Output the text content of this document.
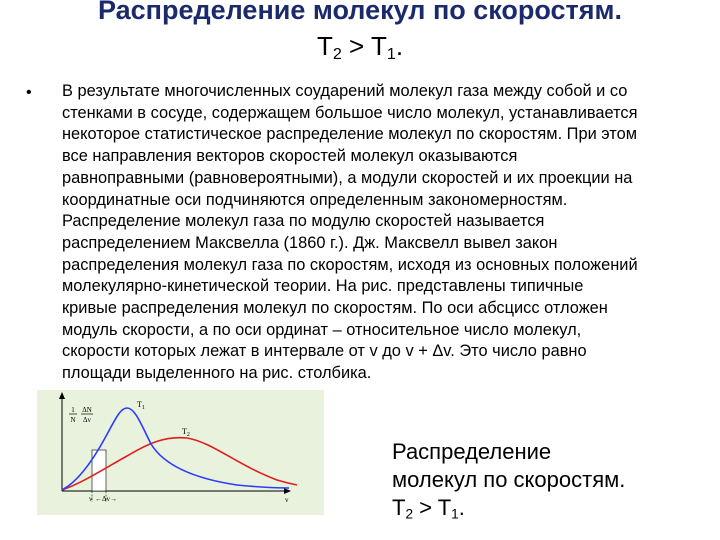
Распределение молекул по скоростям.
$T_2 > T_1$.
• В результате многочисленных соударений молекул газа между собой и со
стенками в сосуде, содержащем большое число молекул, устанавливается
некоторое статистическое распределение молекул по скоростям. При этом
все направления векторов скоростей молекул оказываются
равноправными (равновероятными), а модули скоростей и их проекции на
координатные оси подчиняются определенным закономерностям.
Распределение молекул газа по модулю скоростей называется
распределением Максвелла (1860 г.). Дж. Максвелл вывел закон
распределения молекул газа по скоростям, исходя из основных положений
молекулярно-кинетической теории. На рис. представлены типичные
кривые распределения молекул по скоростям. По оси абсцисс отложен
модуль скорости, а по оси ординат – относительное число молекул,
скорости которых лежат в интервале от v до v + Δv. Это число равно
площади выделенного на рис. столбика.
1
N
ΔN
Δv
$T_1$
$T_2$
v ←Δv→	v
Распределение
молекул по скоростям.
$T_2 > T_1$.
